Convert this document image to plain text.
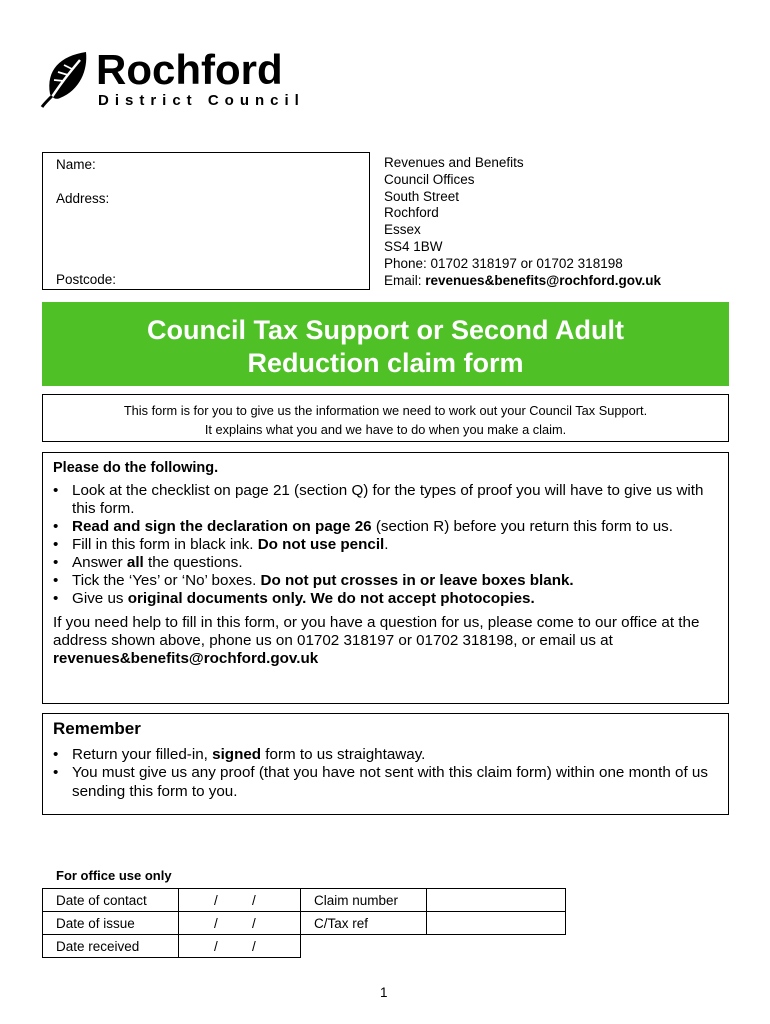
Rochford
District Council
Name:
Address:
Postcode:
Revenues and Benefits
Council Offices
South Street
Rochford
Essex
SS4 1BW
Phone: 01702 318197 or 01702 318198
Email: revenues&benefits@rochford.gov.uk
Council Tax Support or Second Adult
Reduction claim form
This form is for you to give us the information we need to work out your Council Tax Support.
It explains what you and we have to do when you make a claim.
Please do the following.
• Look at the checklist on page 21 (section Q) for the types of proof you will have to give us with this form.
• Read and sign the declaration on page 26 (section R) before you return this form to us.
• Fill in this form in black ink. Do not use pencil.
• Answer all the questions.
• Tick the ‘Yes’ or ‘No’ boxes. Do not put crosses in or leave boxes blank.
• Give us original documents only. We do not accept photocopies.

If you need help to fill in this form, or you have a question for us, please come to our office at the address shown above, phone us on 01702 318197 or 01702 318198, or email us at revenues&benefits@rochford.gov.uk

Remember
• Return your filled-in, signed form to us straightaway.
• You must give us any proof (that you have not sent with this claim form) within one month of us sending this form to you.
For office use only
Date of contact	/ /	Claim number	
Date of issue	/ /	C/Tax ref	
Date received	/ /		
1
